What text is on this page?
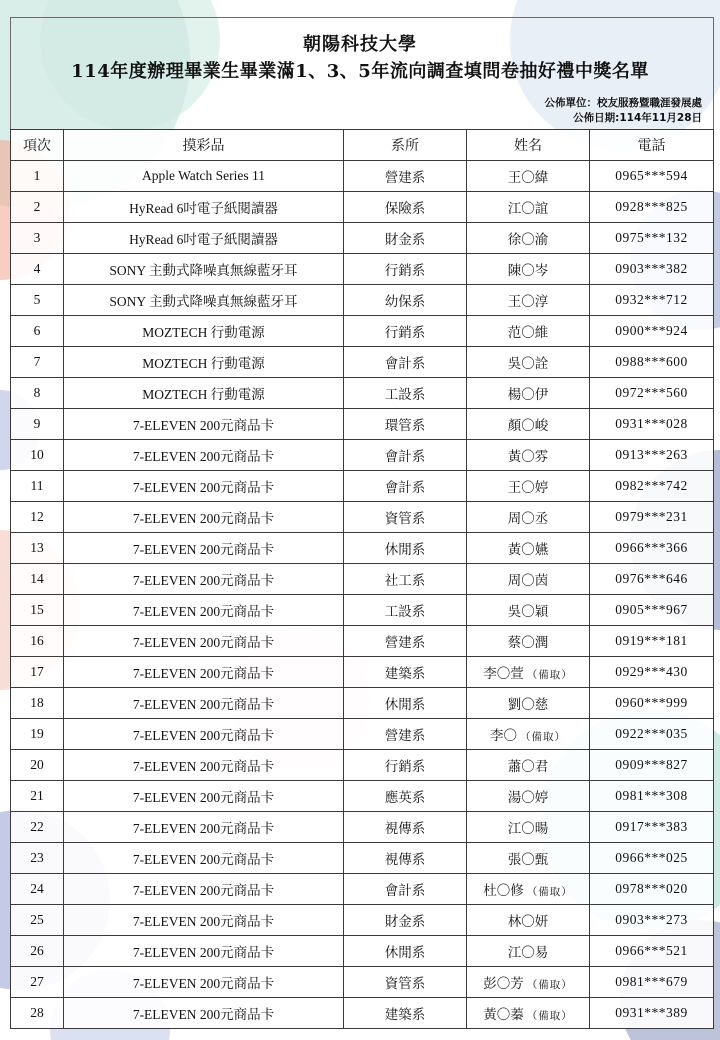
朝陽科技大學
114年度辦理畢業生畢業滿1、3、5年流向調查填問卷抽好禮中獎名單
公佈單位：校友服務暨職涯發展處
公佈日期:114年11月28日
項次	摸彩品	系所	姓名	電話
1	Apple Watch Series 11	營建系	王〇緯	0965***594
2	HyRead 6吋電子紙閱讀器	保險系	江〇誼	0928***825
3	HyRead 6吋電子紙閱讀器	財金系	徐〇渝	0975***132
4	SONY 主動式降噪真無線藍牙耳	行銷系	陳〇岑	0903***382
5	SONY 主動式降噪真無線藍牙耳	幼保系	王〇淳	0932***712
6	MOZTECH 行動電源	行銷系	范〇維	0900***924
7	MOZTECH 行動電源	會計系	吳〇詮	0988***600
8	MOZTECH 行動電源	工設系	楊〇伊	0972***560
9	7-ELEVEN 200元商品卡	環管系	顏〇峻	0931***028
10	7-ELEVEN 200元商品卡	會計系	黃〇雰	0913***263
11	7-ELEVEN 200元商品卡	會計系	王〇婷	0982***742
12	7-ELEVEN 200元商品卡	資管系	周〇丞	0979***231
13	7-ELEVEN 200元商品卡	休閒系	黃〇嬿	0966***366
14	7-ELEVEN 200元商品卡	社工系	周〇茵	0976***646
15	7-ELEVEN 200元商品卡	工設系	吳〇穎	0905***967
16	7-ELEVEN 200元商品卡	營建系	蔡〇潤	0919***181
17	7-ELEVEN 200元商品卡	建築系	李〇萱 （備取）	0929***430
18	7-ELEVEN 200元商品卡	休閒系	劉〇慈	0960***999
19	7-ELEVEN 200元商品卡	營建系	李〇 （備取）	0922***035
20	7-ELEVEN 200元商品卡	行銷系	蕭〇君	0909***827
21	7-ELEVEN 200元商品卡	應英系	湯〇婷	0981***308
22	7-ELEVEN 200元商品卡	視傳系	江〇暘	0917***383
23	7-ELEVEN 200元商品卡	視傳系	張〇甄	0966***025
24	7-ELEVEN 200元商品卡	會計系	杜〇修 （備取）	0978***020
25	7-ELEVEN 200元商品卡	財金系	林〇妍	0903***273
26	7-ELEVEN 200元商品卡	休閒系	江〇易	0966***521
27	7-ELEVEN 200元商品卡	資管系	彭〇芳 （備取）	0981***679
28	7-ELEVEN 200元商品卡	建築系	黃〇蓁 （備取）	0931***389
